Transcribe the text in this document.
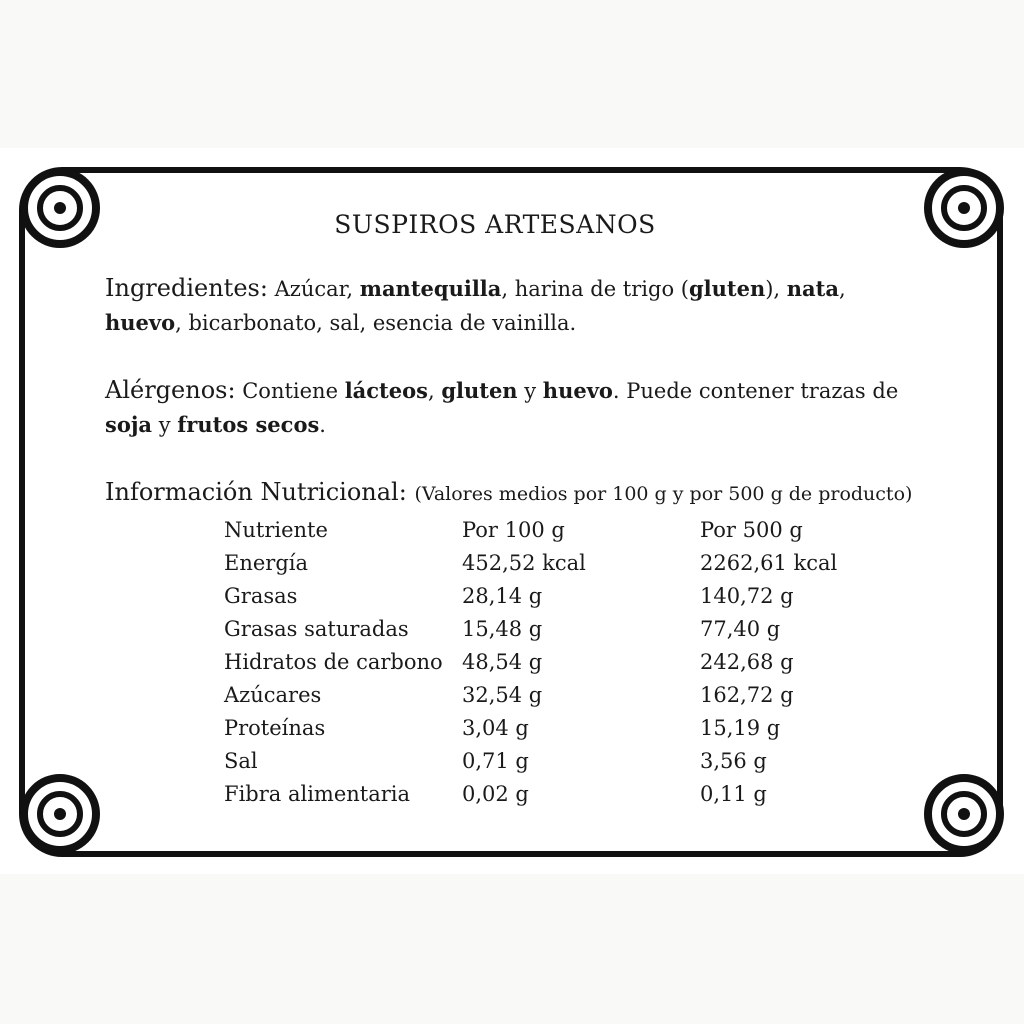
SUSPIROS ARTESANOS
Ingredientes: Azúcar, mantequilla, harina de trigo (gluten), nata, huevo, bicarbonato, sal, esencia de vainilla.
Alérgenos: Contiene lácteos, gluten y huevo. Puede contener trazas de soja y frutos secos.
Información Nutricional: (Valores medios por 100 g y por 500 g de producto)
Nutriente	Por 100 g	Por 500 g
Energía	452,52 kcal	2262,61 kcal
Grasas	28,14 g	140,72 g
Grasas saturadas	15,48 g	77,40 g
Hidratos de carbono 48,54 g	242,68 g
Azúcares	32,54 g	162,72 g
Proteínas	3,04 g	15,19 g
Sal	0,71 g	3,56 g
Fibra alimentaria 0,02 g	0,11 g
